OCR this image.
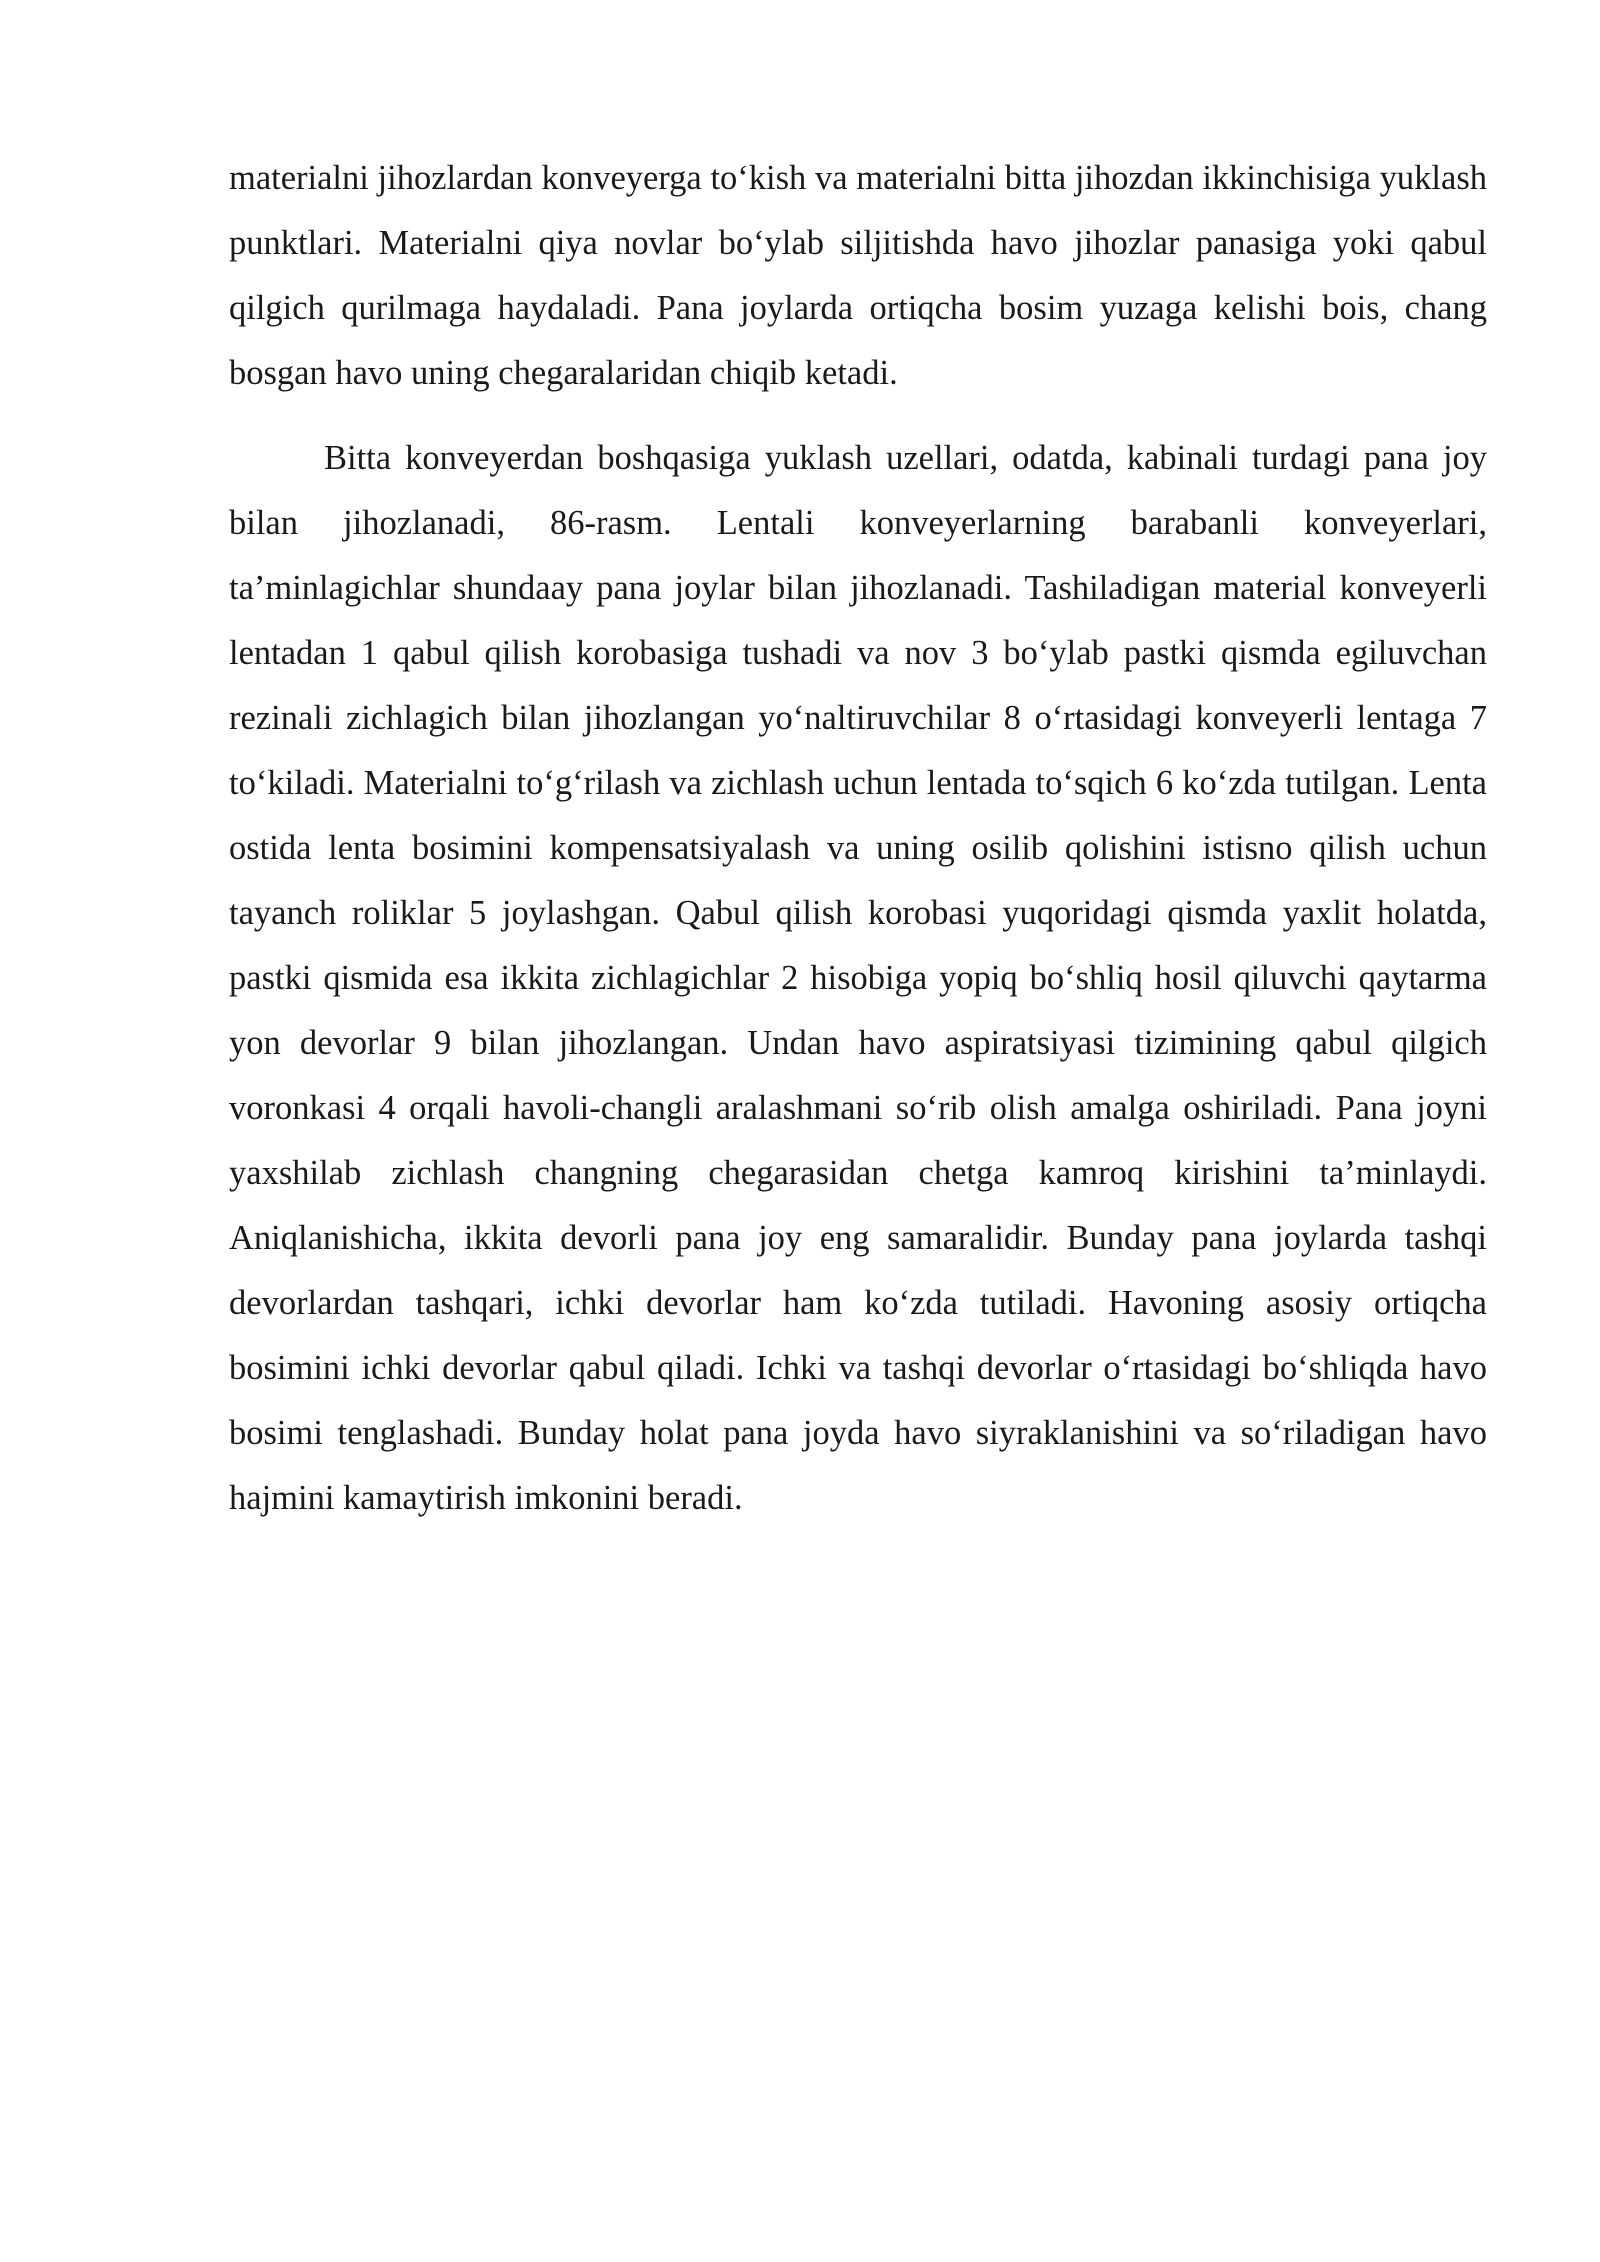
materialni jihozlardan konveyerga to‘kish va materialni bitta jihozdan ikkinchisiga yuklash punktlari. Materialni qiya novlar bo‘ylab siljitishda havo jihozlar panasiga yoki qabul qilgich qurilmaga haydaladi. Pana joylarda ortiqcha bosim yuzaga kelishi bois, chang bosgan havo uning chegaralaridan chiqib ketadi.

Bitta konveyerdan boshqasiga yuklash uzellari, odatda, kabinali turdagi pana joy bilan jihozlanadi, 86-rasm. Lentali konveyerlarning barabanli konveyerlari, ta’minlagichlar shundaay pana joylar bilan jihozlanadi. Tashiladigan material konveyerli lentadan 1 qabul qilish korobasiga tushadi va nov 3 bo‘ylab pastki qismda egiluvchan rezinali zichlagich bilan jihozlangan yo‘naltiruvchilar 8 o‘rtasidagi konveyerli lentaga 7 to‘kiladi. Materialni to‘g‘rilash va zichlash uchun lentada to‘sqich 6 ko‘zda tutilgan. Lenta ostida lenta bosimini kompensatsiyalash va uning osilib qolishini istisno qilish uchun tayanch roliklar 5 joylashgan. Qabul qilish korobasi yuqoridagi qismda yaxlit holatda, pastki qismida esa ikkita zichlagichlar 2 hisobiga yopiq bo‘shliq hosil qiluvchi qaytarma yon devorlar 9 bilan jihozlangan. Undan havo aspiratsiyasi tizimining qabul qilgich voronkasi 4 orqali havoli-changli aralashmani so‘rib olish amalga oshiriladi. Pana joyni yaxshilab zichlash changning chegarasidan chetga kamroq kirishini ta’minlaydi. Aniqlanishicha, ikkita devorli pana joy eng samaralidir. Bunday pana joylarda tashqi devorlardan tashqari, ichki devorlar ham ko‘zda tutiladi. Havoning asosiy ortiqcha bosimini ichki devorlar qabul qiladi. Ichki va tashqi devorlar o‘rtasidagi bo‘shliqda havo bosimi tenglashadi. Bunday holat pana joyda havo siyraklanishini va so‘riladigan havo hajmini kamaytirish imkonini beradi.
